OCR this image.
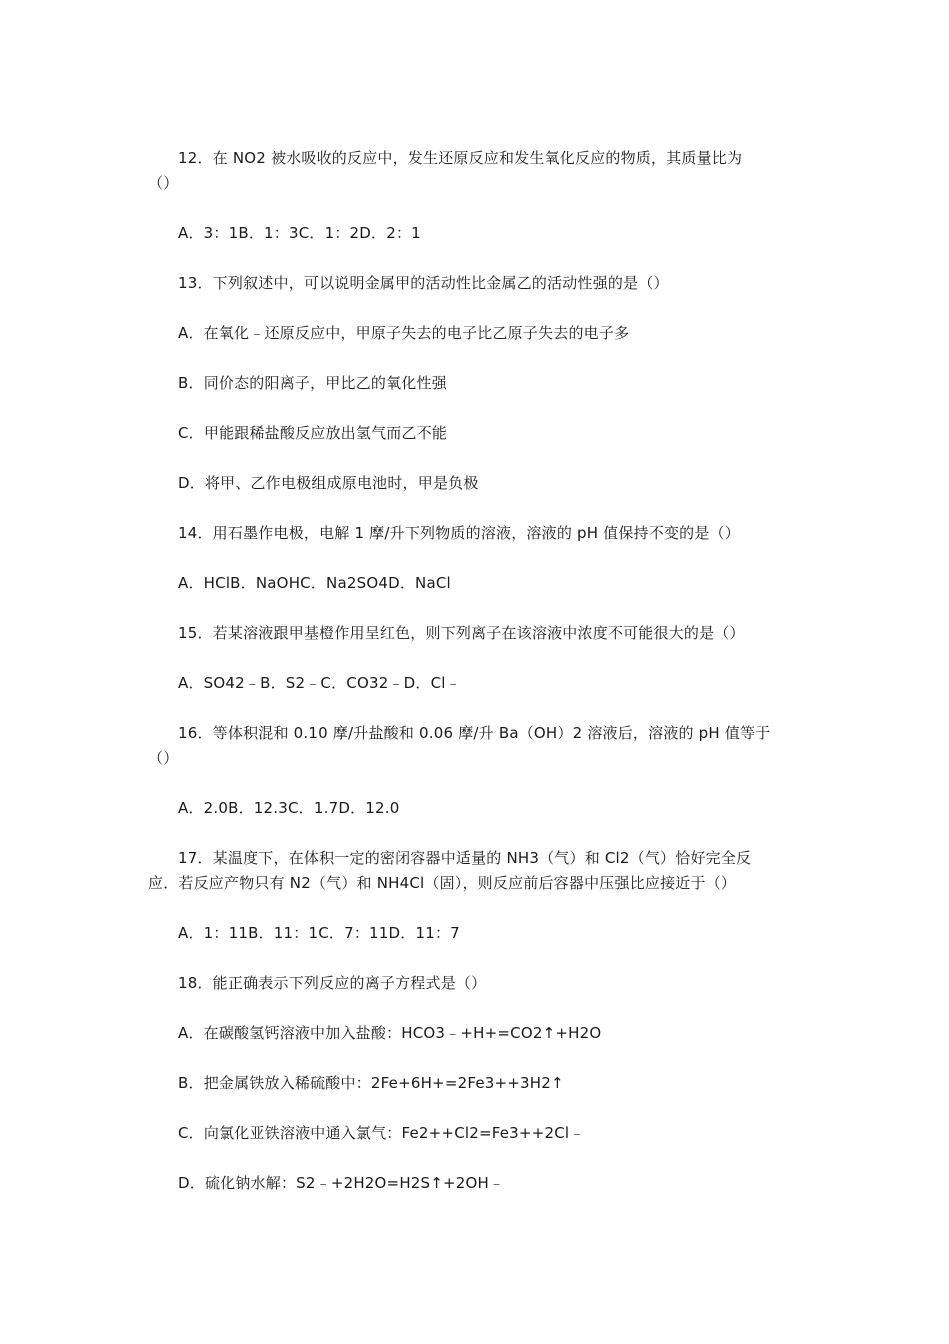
12．在 NO2 被水吸收的反应中，发生还原反应和发生氧化反应的物质，其质量比为
（）
A．3：1B．1：3C．1：2D．2：1
13．下列叙述中，可以说明金属甲的活动性比金属乙的活动性强的是（）
A．在氧化﹣还原反应中，甲原子失去的电子比乙原子失去的电子多
B．同价态的阳离子，甲比乙的氧化性强
C．甲能跟稀盐酸反应放出氢气而乙不能
D．将甲、乙作电极组成原电池时，甲是负极
14．用石墨作电极，电解 1 摩/升下列物质的溶液，溶液的 pH 值保持不变的是（）
A．HClB．NaOHC．Na2SO4D．NaCl
15．若某溶液跟甲基橙作用呈红色，则下列离子在该溶液中浓度不可能很大的是（）
A．SO42﹣B．S2﹣C．CO32﹣D．Cl﹣
16．等体积混和 0.10 摩/升盐酸和 0.06 摩/升 Ba（OH）2 溶液后，溶液的 pH 值等于
（）
A．2.0B．12.3C．1.7D．12.0
17．某温度下，在体积一定的密闭容器中适量的 NH3（气）和 Cl2（气）恰好完全反
应．若反应产物只有 N2（气）和 NH4Cl（固），则反应前后容器中压强比应接近于（）
A．1：11B．11：1C．7：11D．11：7
18．能正确表示下列反应的离子方程式是（）
A．在碳酸氢钙溶液中加入盐酸：HCO3﹣+H+=CO2↑+H2O
B．把金属铁放入稀硫酸中：2Fe+6H+=2Fe3++3H2↑
C．向氯化亚铁溶液中通入氯气：Fe2++Cl2=Fe3++2Cl﹣
D．硫化钠水解：S2﹣+2H2O=H2S↑+2OH﹣
